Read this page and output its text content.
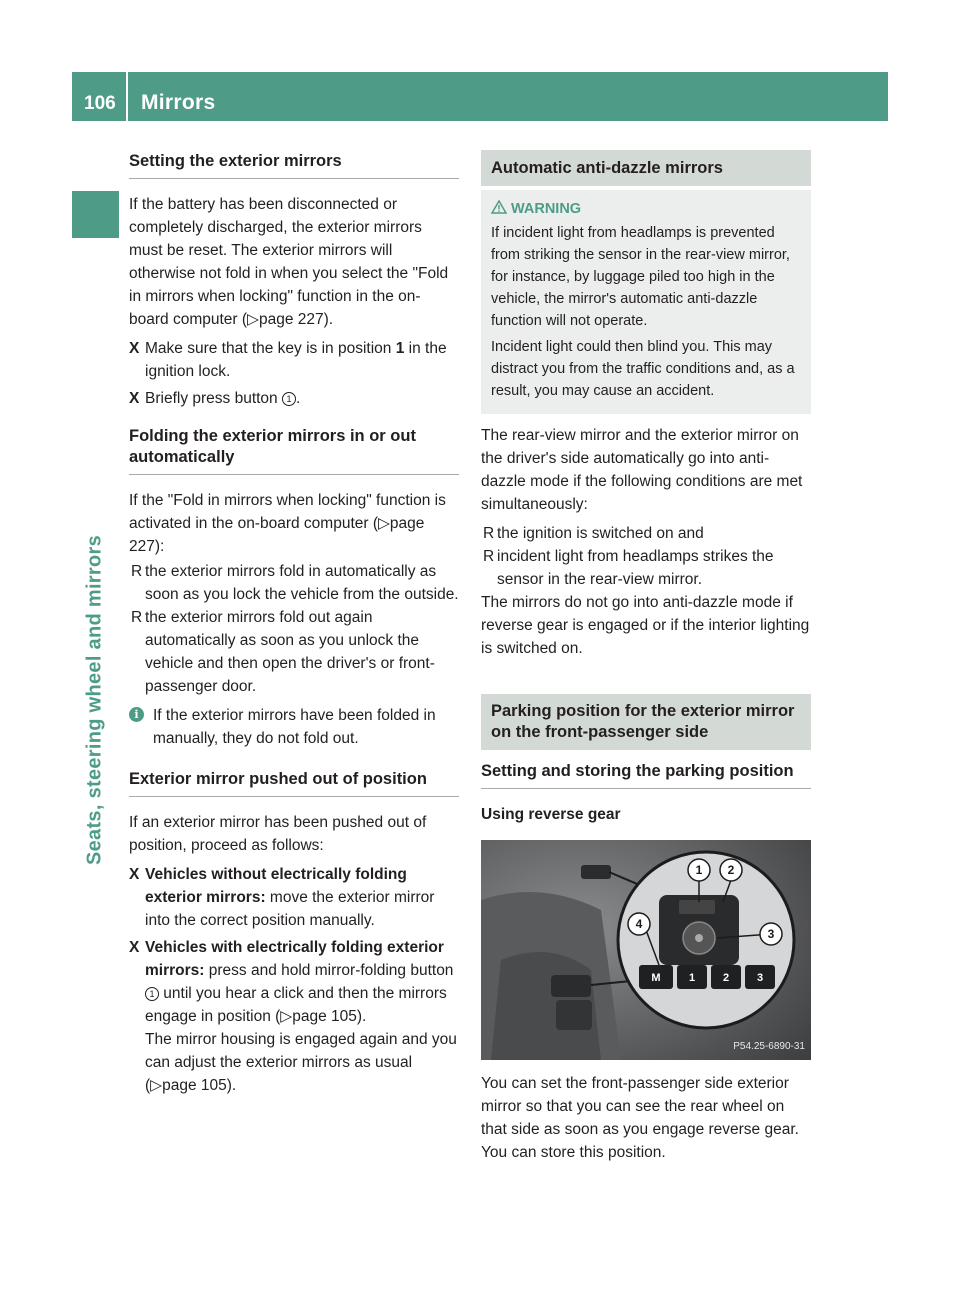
106 Mirrors
Seats, steering wheel and mirrors
Setting the exterior mirrors

If the battery has been disconnected or completely discharged, the exterior mirrors must be reset. The exterior mirrors will otherwise not fold in when you select the "Fold in mirrors when locking" function in the on-board computer (▷page 227).

X Make sure that the key is in position 1 in the ignition lock.
X Briefly press button 1 .
Folding the exterior mirrors in or out automatically

If the "Fold in mirrors when locking" function is activated in the on-board computer (▷page 227):

R the exterior mirrors fold in automatically as soon as you lock the vehicle from the outside.
R the exterior mirrors fold out again automatically as soon as you unlock the vehicle and then open the driver's or front-passenger door.
i If the exterior mirrors have been folded in manually, they do not fold out.
Exterior mirror pushed out of position

If an exterior mirror has been pushed out of position, proceed as follows:

X Vehicles without electrically folding exterior mirrors: move the exterior mirror into the correct position manually.
X Vehicles with electrically folding exterior mirrors: press and hold mirror-folding button 1 until you hear a click and then the mirrors engage in position (▷page 105).
The mirror housing is engaged again and you can adjust the exterior mirrors as usual (▷page 105).
Automatic anti-dazzle mirrors
WARNING

If incident light from headlamps is prevented from striking the sensor in the rear-view mirror, for instance, by luggage piled too high in the vehicle, the mirror's automatic anti-dazzle function will not operate.

Incident light could then blind you. This may distract you from the traffic conditions and, as a result, you may cause an accident.

The rear-view mirror and the exterior mirror on the driver's side automatically go into anti-dazzle mode if the following conditions are met simultaneously:

R the ignition is switched on and
R incident light from headlamps strikes the sensor in the rear-view mirror.

The mirrors do not go into anti-dazzle mode if reverse gear is engaged or if the interior lighting is switched on.

Parking position for the exterior mirror on the front-passenger side
Setting and storing the parking position
Using reverse gear
M	1	2	3
1 2
3
4
P54.25-6890-31

You can set the front-passenger side exterior mirror so that you can see the rear wheel on that side as soon as you engage reverse gear. You can store this position.
